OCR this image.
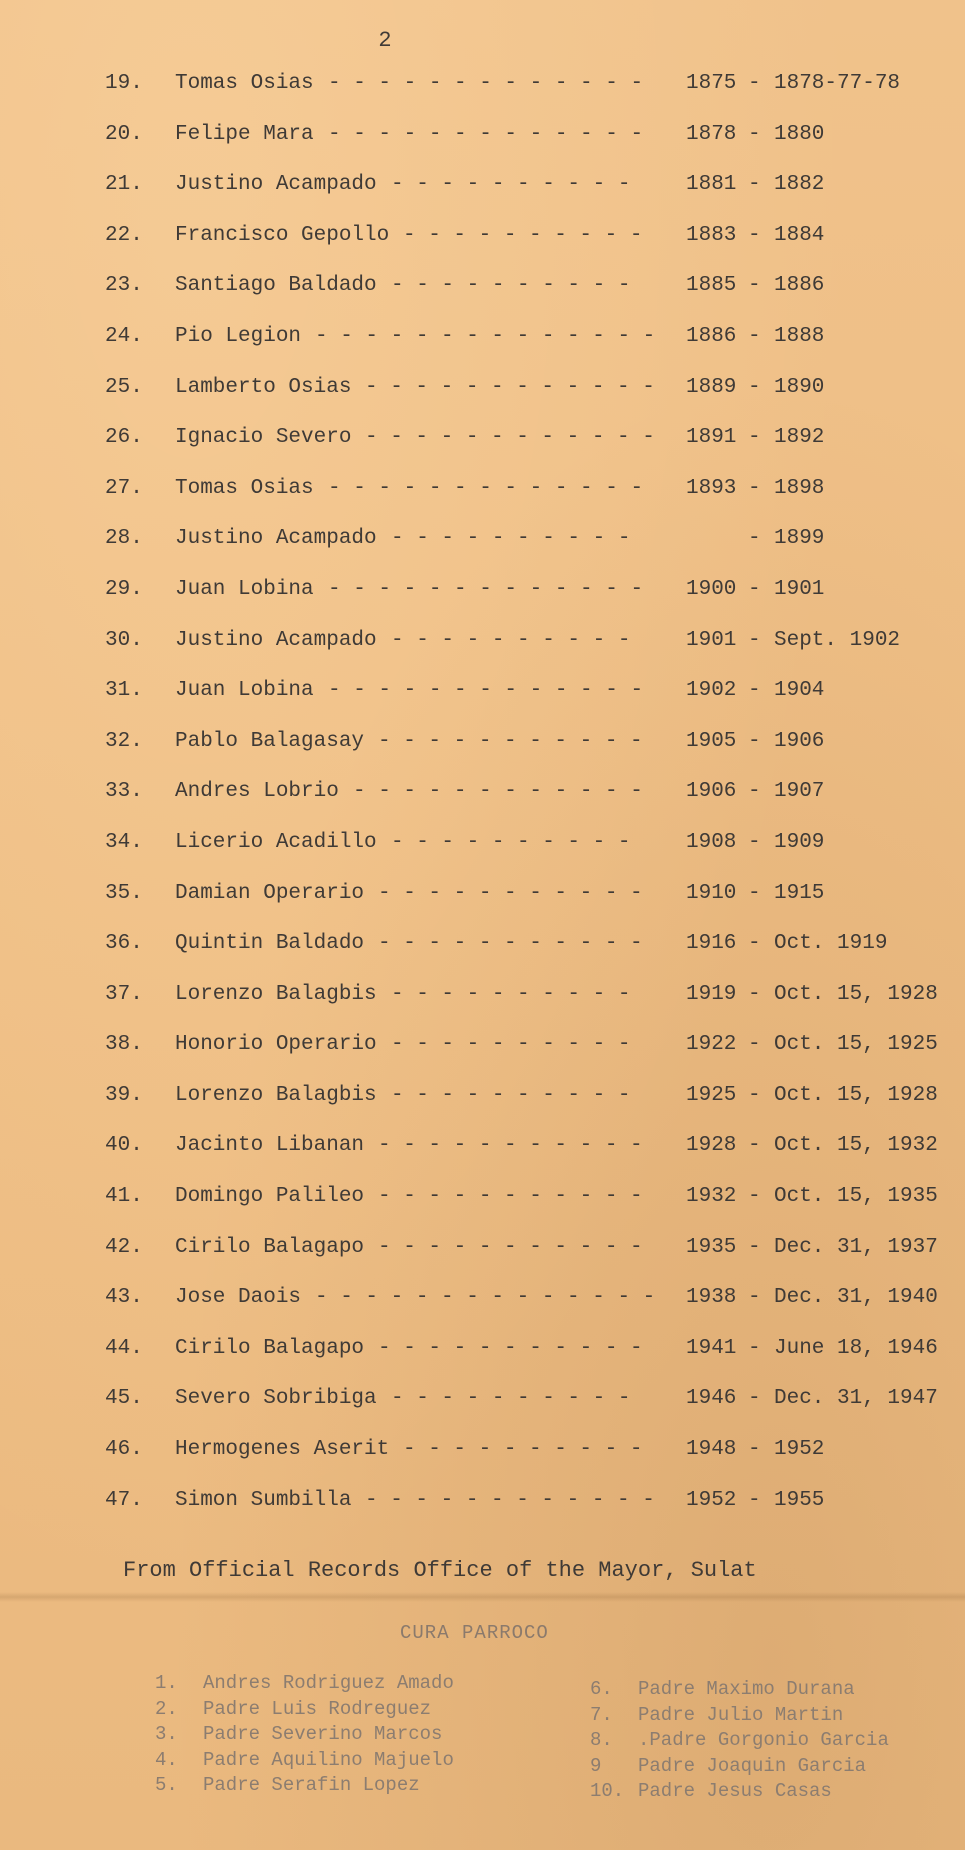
2
19. Tomas Osias - - - - - - - - - - - - - 1875 - 1878-77-78
20. Felipe Mara - - - - - - - - - - - - - 1878 - 1880
21. Justino Acampado - - - - - - - - - -	1881 - 1882
22. Francisco Gepollo - - - - - - - - - - 1883 - 1884
23. Santiago Baldado - - - - - - - - - -	1885 - 1886
24. Pio Legion - - - - - - - - - - - - - - 1886 - 1888
25. Lamberto Osias - - - - - - - - - - - - 1889 - 1890
26. Ignacio Severo - - - - - - - - - - - - 1891 - 1892
27. Tomas Osias - - - - - - - - - - - - - 1893 - 1898
28. Justino Acampado - - - - - - - - - -	- 1899
29. Juan Lobina - - - - - - - - - - - - - 1900 - 1901
30. Justino Acampado - - - - - - - - - -	1901 - Sept. 1902
31. Juan Lobina - - - - - - - - - - - - - 1902 - 1904
32. Pablo Balagasay - - - - - - - - - - - 1905 - 1906
33. Andres Lobrio - - - - - - - - - - - - 1906 - 1907
34. Licerio Acadillo - - - - - - - - - -	1908 - 1909
35. Damian Operario - - - - - - - - - - - 1910 - 1915
36. Quintin Baldado - - - - - - - - - - - 1916 - Oct. 1919
37. Lorenzo Balagbis - - - - - - - - - -	1919 - Oct. 15, 1928
38. Honorio Operario - - - - - - - - - -	1922 - Oct. 15, 1925
39. Lorenzo Balagbis - - - - - - - - - -	1925 - Oct. 15, 1928
40. Jacinto Libanan - - - - - - - - - - - 1928 - Oct. 15, 1932
41. Domingo Palileo - - - - - - - - - - - 1932 - Oct. 15, 1935
42. Cirilo Balagapo - - - - - - - - - - - 1935 - Dec. 31, 1937
43. Jose Daois - - - - - - - - - - - - - - 1938 - Dec. 31, 1940
44. Cirilo Balagapo - - - - - - - - - - - 1941 - June 18, 1946
45. Severo Sobribiga - - - - - - - - - -	1946 - Dec. 31, 1947
46. Hermogenes Aserit - - - - - - - - - - 1948 - 1952
47. Simon Sumbilla - - - - - - - - - - - - 1952 - 1955
From Official Records Office of the Mayor, Sulat
CURA PARROCO
1. Andres Rodriguez Amado
2. Padre Luis Rodreguez
3. Padre Severino Marcos
4. Padre Aquilino Majuelo
5. Padre Serafin Lopez
6. Padre Maximo Durana
7. Padre Julio Martin
8. .Padre Gorgonio Garcia
9 Padre Joaquin Garcia
10. Padre Jesus Casas
